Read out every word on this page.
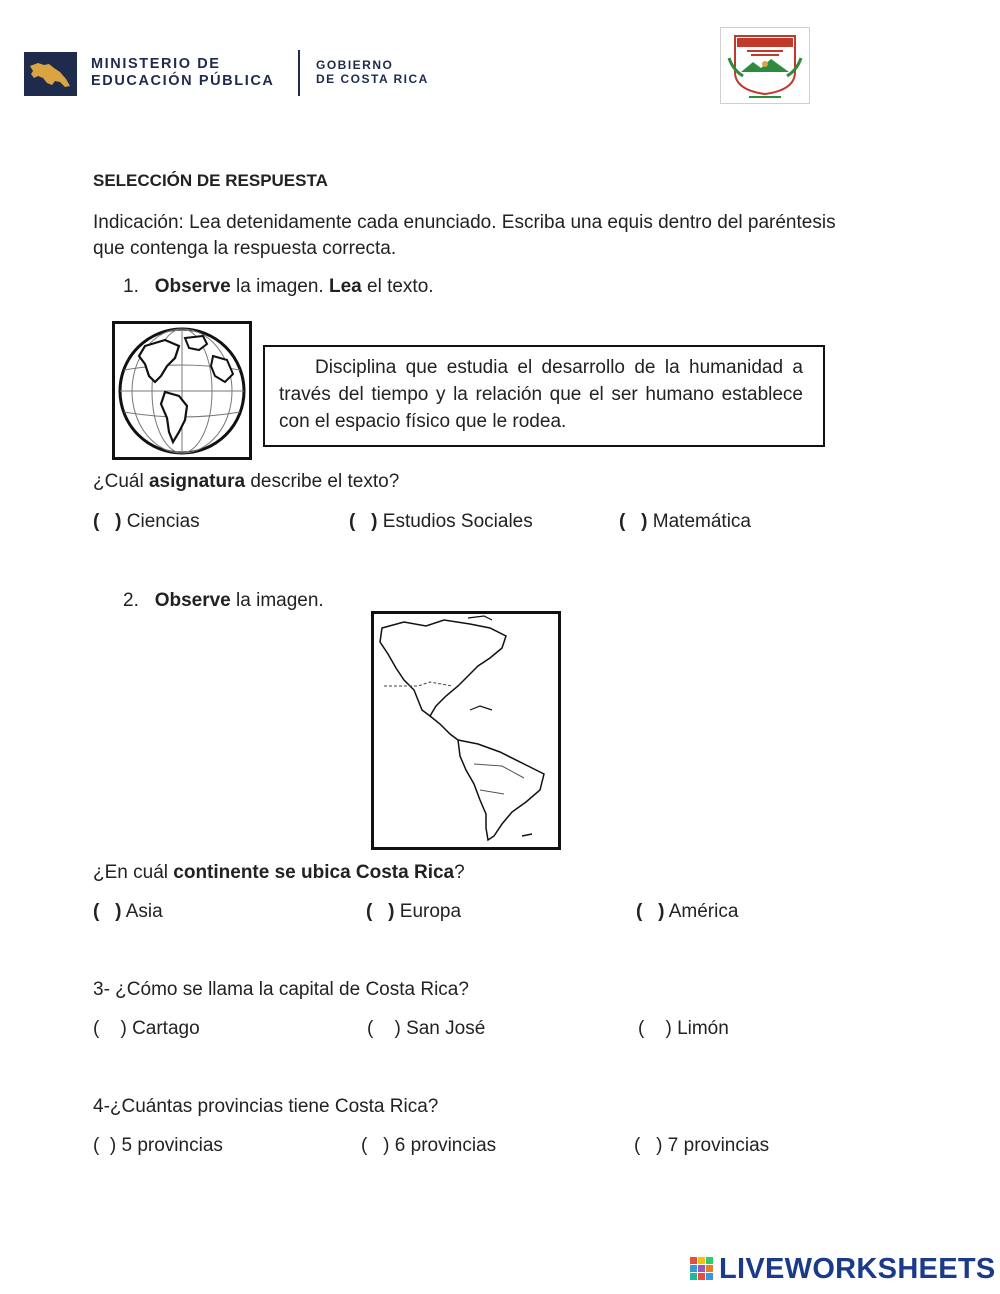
MINISTERIO DE
EDUCACIÓN PÚBLICA
GOBIERNO
DE COSTA RICA
SELECCIÓN DE RESPUESTA
Indicación: Lea detenidamente cada enunciado. Escriba una equis dentro del paréntesis que contenga la respuesta correcta.
1. Observe la imagen. Lea el texto.
Disciplina que estudia el desarrollo de la humanidad a través del tiempo y la relación que el ser humano establece con el espacio físico que le rodea.
¿Cuál asignatura describe el texto?
( ) Ciencias	( ) Estudios Sociales	( ) Matemática
2. Observe la imagen.
¿En cuál continente se ubica Costa Rica?
( ) Asia	( ) Europa	( ) América
3- ¿Cómo se llama la capital de Costa Rica?
( ) Cartago	( ) San José	( ) Limón
4-¿Cuántas provincias tiene Costa Rica?
( ) 5 provincias	( ) 6 provincias	( ) 7 provincias
LIVEWORKSHEETS
